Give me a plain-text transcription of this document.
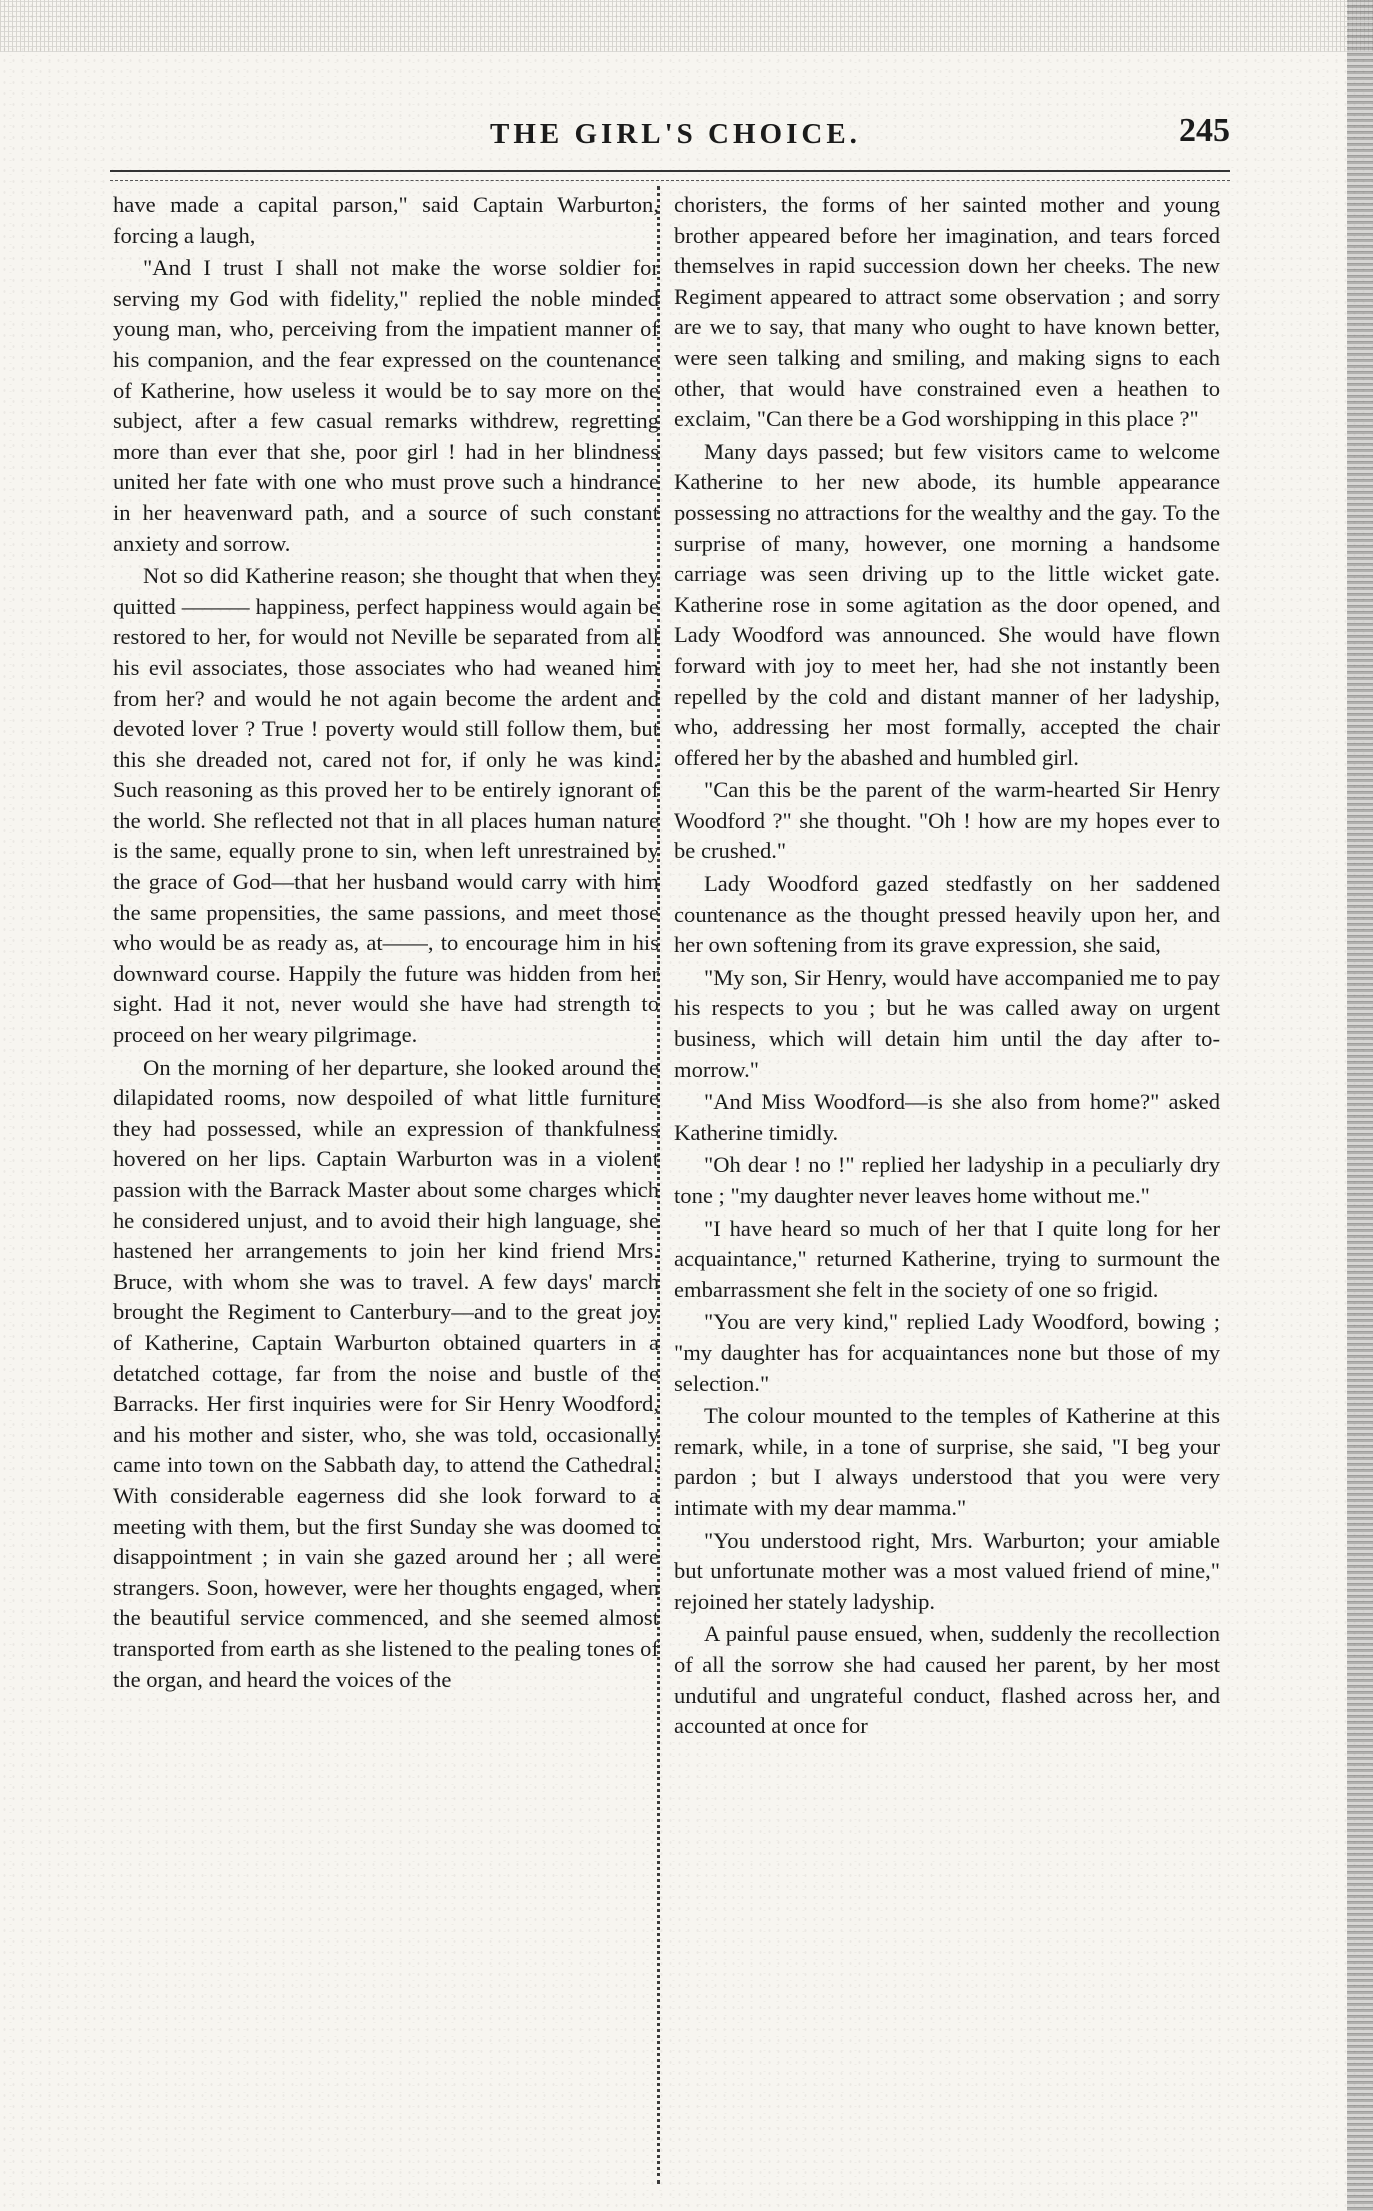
THE GIRL'S CHOICE.	245

have made a capital parson," said Captain Warburton, forcing a laugh,

"And I trust I shall not make the worse soldier for serving my God with fidelity," replied the noble minded young man, who, perceiving from the impatient manner of his companion, and the fear expressed on the countenance of Katherine, how useless it would be to say more on the subject, after a few casual remarks withdrew, regretting more than ever that she, poor girl ! had in her blindness united her fate with one who must prove such a hindrance in her heavenward path, and a source of such constant anxiety and sorrow.

Not so did Katherine reason; she thought that when they quitted ——— happiness, perfect happiness would again be restored to her, for would not Neville be separated from all his evil associates, those associates who had weaned him from her? and would he not again become the ardent and devoted lover ? True ! poverty would still follow them, but this she dreaded not, cared not for, if only he was kind. Such reasoning as this proved her to be entirely ignorant of the world. She reflected not that in all places human nature is the same, equally prone to sin, when left unrestrained by the grace of God—that her husband would carry with him the same propensities, the same passions, and meet those who would be as ready as, at——, to encourage him in his downward course. Happily the future was hidden from her sight. Had it not, never would she have had strength to proceed on her weary pilgrimage.

On the morning of her departure, she looked around the dilapidated rooms, now despoiled of what little furniture they had possessed, while an expression of thankfulness hovered on her lips. Captain Warburton was in a violent passion with the Barrack Master about some charges which he considered unjust, and to avoid their high language, she hastened her arrangements to join her kind friend Mrs. Bruce, with whom she was to travel. A few days' march brought the Regiment to Canterbury—and to the great joy of Katherine, Captain Warburton obtained quarters in a detatched cottage, far from the noise and bustle of the Barracks. Her first inquiries were for Sir Henry Woodford, and his mother and sister, who, she was told, occasionally came into town on the Sabbath day, to attend the Cathedral. With considerable eagerness did she look forward to a meeting with them, but the first Sunday she was doomed to disappointment ; in vain she gazed around her ; all were strangers. Soon, however, were her thoughts engaged, when the beautiful service commenced, and she seemed almost transported from earth as she listened to the pealing tones of the organ, and heard the voices of the

choristers, the forms of her sainted mother and young brother appeared before her imagination, and tears forced themselves in rapid succession down her cheeks. The new Regiment appeared to attract some observation ; and sorry are we to say, that many who ought to have known better, were seen talking and smiling, and making signs to each other, that would have constrained even a heathen to exclaim, "Can there be a God worshipping in this place ?"

Many days passed; but few visitors came to welcome Katherine to her new abode, its humble appearance possessing no attractions for the wealthy and the gay. To the surprise of many, however, one morning a handsome carriage was seen driving up to the little wicket gate. Katherine rose in some agitation as the door opened, and Lady Woodford was announced. She would have flown forward with joy to meet her, had she not instantly been repelled by the cold and distant manner of her ladyship, who, addressing her most formally, accepted the chair offered her by the abashed and humbled girl.

"Can this be the parent of the warm-hearted Sir Henry Woodford ?" she thought. "Oh ! how are my hopes ever to be crushed."

Lady Woodford gazed stedfastly on her saddened countenance as the thought pressed heavily upon her, and her own softening from its grave expression, she said,

"My son, Sir Henry, would have accompanied me to pay his respects to you ; but he was called away on urgent business, which will detain him until the day after to-morrow."

"And Miss Woodford—is she also from home?" asked Katherine timidly.

"Oh dear ! no !" replied her ladyship in a peculiarly dry tone ; "my daughter never leaves home without me."

"I have heard so much of her that I quite long for her acquaintance," returned Katherine, trying to surmount the embarrassment she felt in the society of one so frigid.

"You are very kind," replied Lady Woodford, bowing ; "my daughter has for acquaintances none but those of my selection."

The colour mounted to the temples of Katherine at this remark, while, in a tone of surprise, she said, "I beg your pardon ; but I always understood that you were very intimate with my dear mamma."

"You understood right, Mrs. Warburton; your amiable but unfortunate mother was a most valued friend of mine," rejoined her stately ladyship.

A painful pause ensued, when, suddenly the recollection of all the sorrow she had caused her parent, by her most undutiful and ungrateful conduct, flashed across her, and accounted at once for
